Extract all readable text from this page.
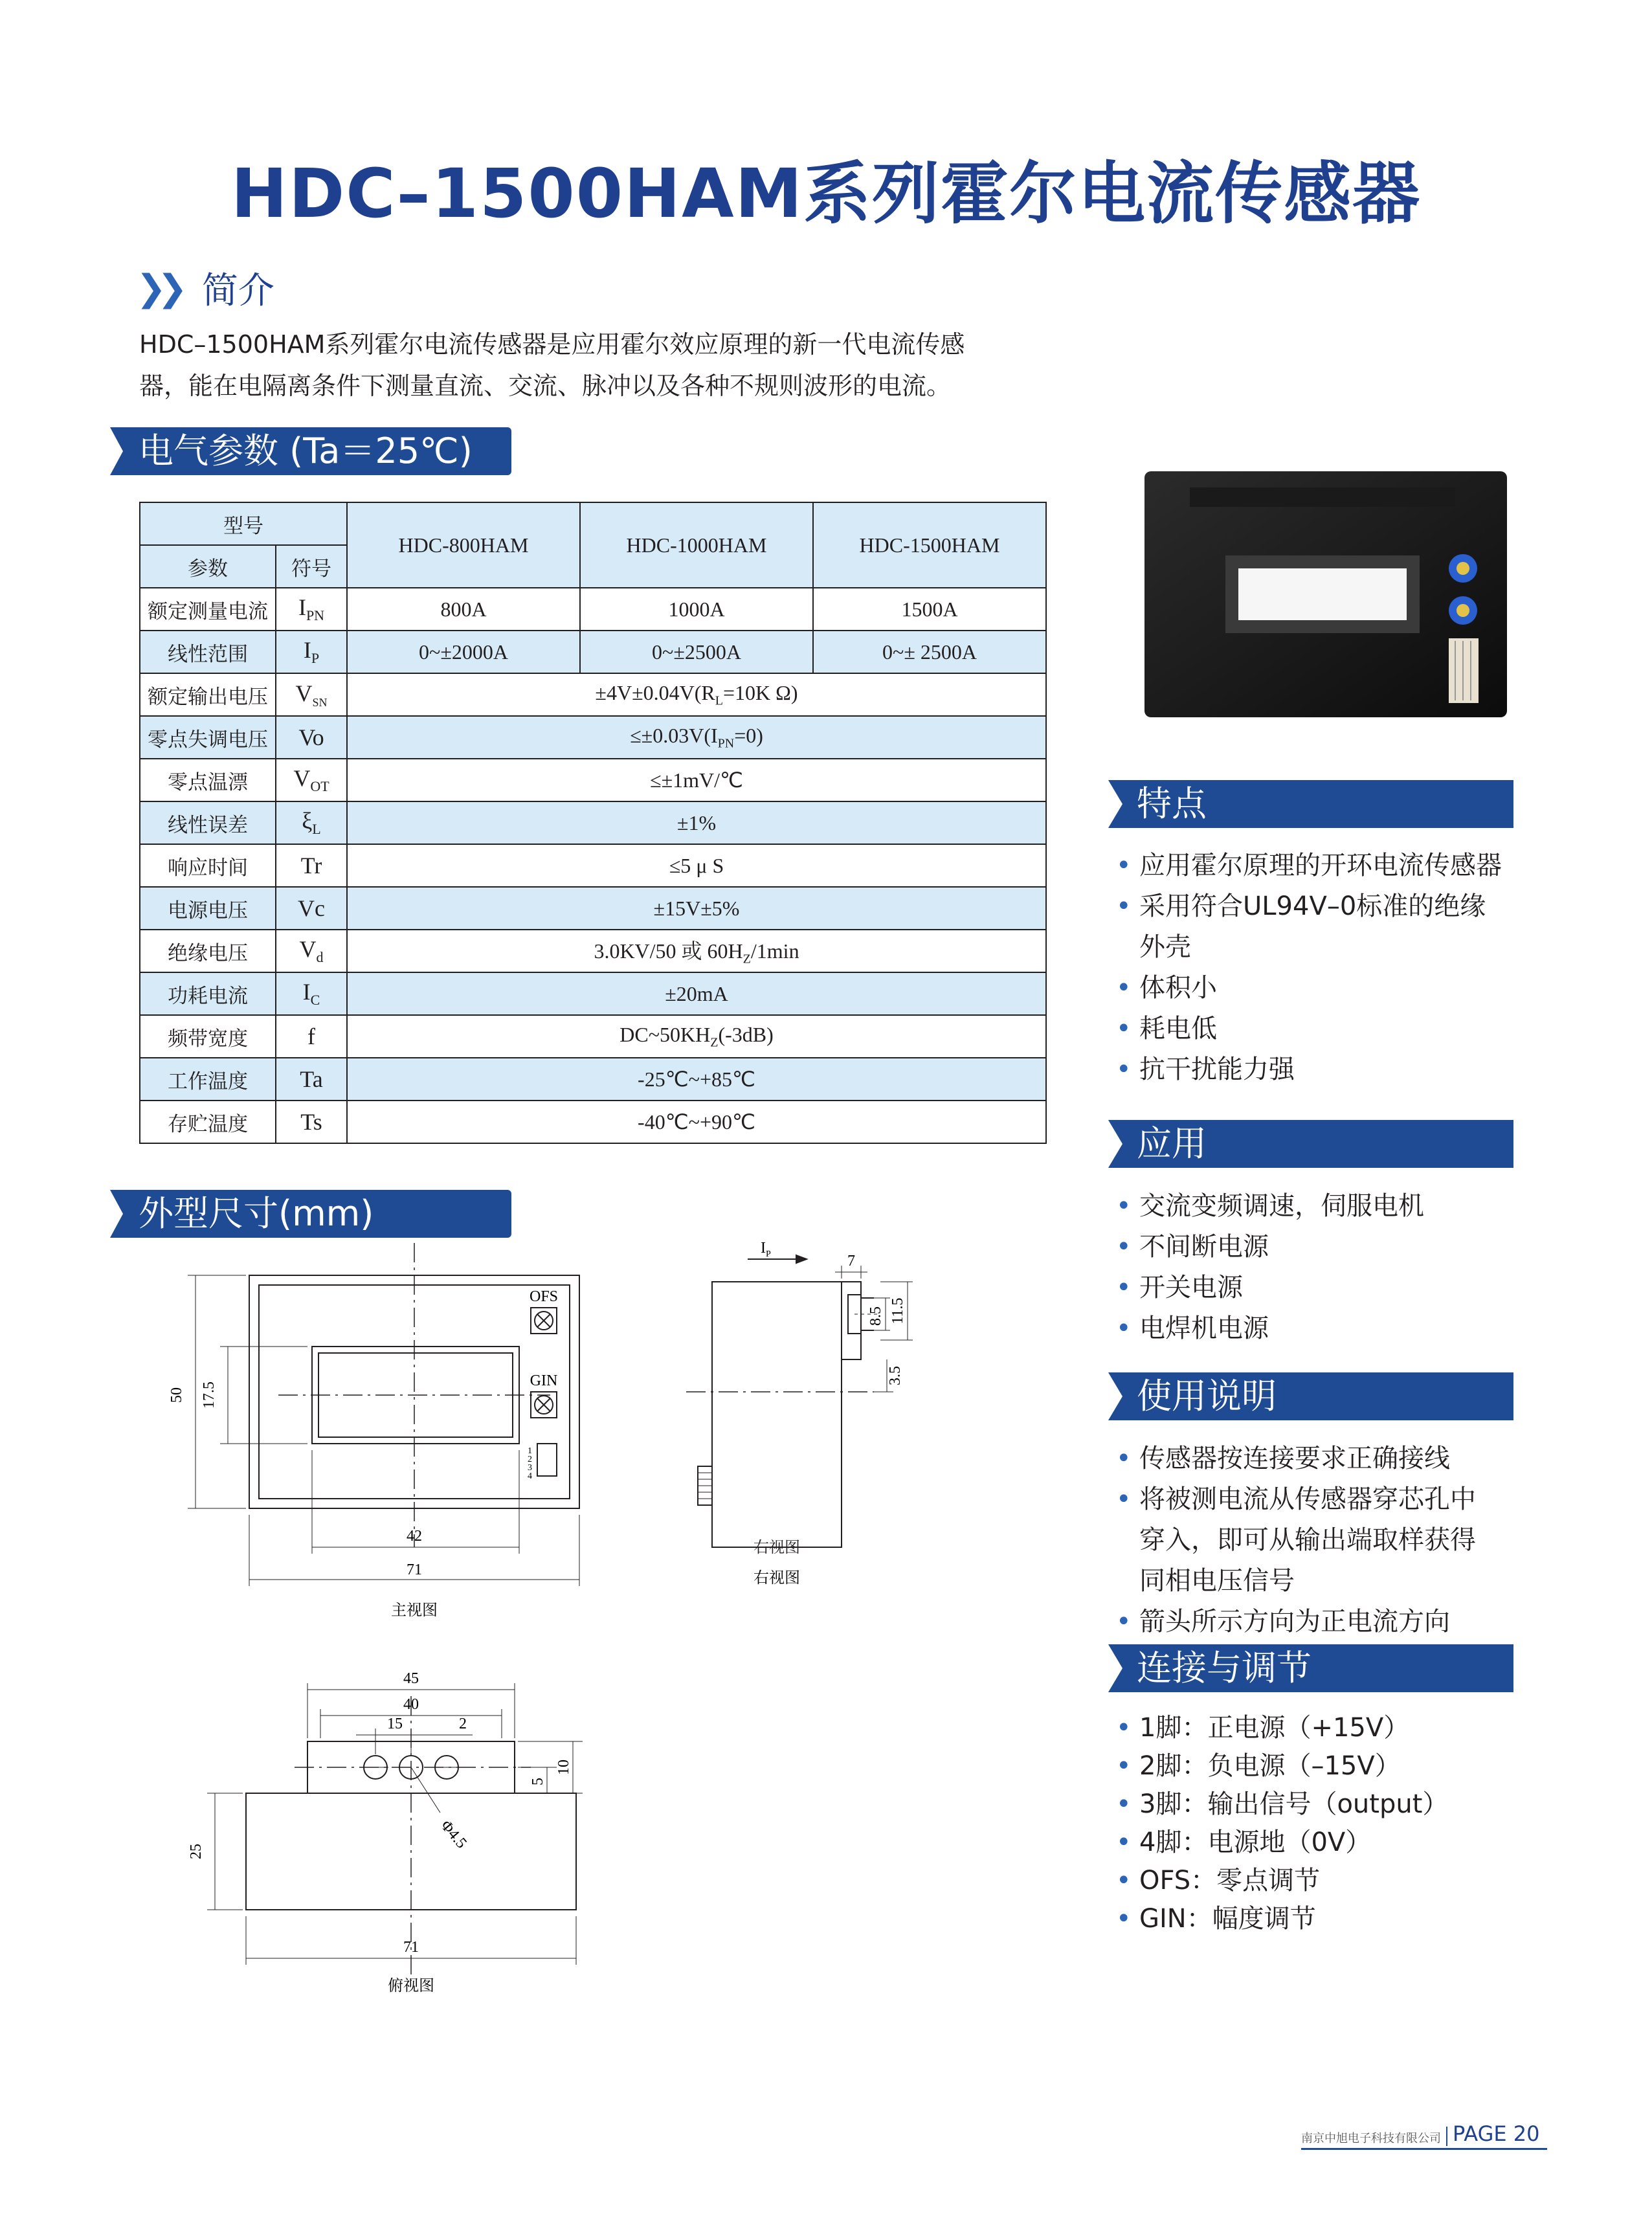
HDC–1500HAM系列霍尔电流传感器
❯❯ 简介
HDC–1500HAM系列霍尔电流传感器是应用霍尔效应原理的新一代电流传感
器，能在电隔离条件下测量直流、交流、脉冲以及各种不规则波形的电流。
电气参数 (Ta＝25℃)
型号		HDC-800HAM	HDC-1000HAM	HDC-1500HAM
参数	符号			
额定测量电流	$I_{PN}$	800A	1000A	1500A
线性范围	$I_P$	0~±2000A	0~±2500A	0~± 2500A
额定输出电压	$V_{SN}$	$\pm 4V\pm 0.04V(R_L=10K$ Ω)		
零点失调电压	Vo	$\le\pm 0.03V(I_{PN}=0)$		
零点温漂	$V_{OT}$	≤±1mV/℃		
线性误差	$\xi_L$	±1%		
响应时间	Tr	≤5 μ S		
电源电压	Vc	±15V±5%		
绝缘电压	$V_d$	3.0KV/50 或 $60H_Z/1\min$		
功耗电流	$I_C$	±20mA		
频带宽度	f	$DC\sim 50KH_Z(-3dB)$		
工作温度	Ta	-25℃~+85℃		
存贮温度	Ts	-40℃~+90℃		
特点
• 应用霍尔原理的开环电流传感器
• 采用符合UL94V–0标准的绝缘
外壳
• 体积小
• 耗电低
• 抗干扰能力强
应用
• 交流变频调速，伺服电机
• 不间断电源
• 开关电源
• 电焊机电源
使用说明
• 传感器按连接要求正确接线
• 将被测电流从传感器穿芯孔中
穿入，即可从输出端取样获得
同相电压信号
• 箭头所示方向为正电流方向
连接与调节
• 1脚：正电源（+15V）
• 2脚：负电源（–15V）
• 3脚：输出信号（output）
• 4脚：电源地（0V）
• OFS：零点调节
• GIN：幅度调节
外型尺寸(mm)
OFS
GIN
1
2
3
4
50 17.5
42
71
主视图
$I_P$	7
8.5 11.5
3.5
右视图
右视图
45
40
15	2
5
10
Φ4.5
25
71
俯视图
南京中旭电子科技有限公司 PAGE 20
